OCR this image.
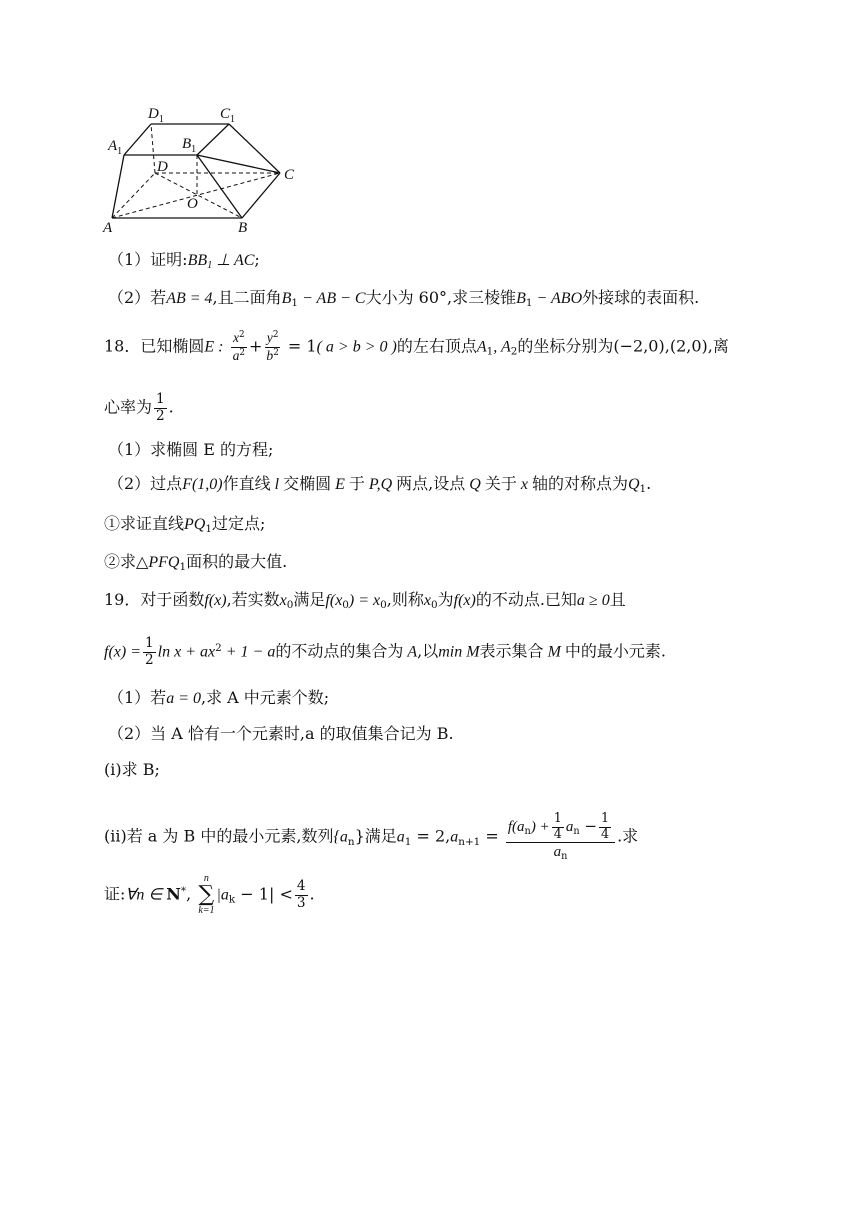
$D_1$	$C_1$
$A_1$	$B_1$
D	C
O
A	B
（1）证明$:BB_1$ ⊥ AC;
（2）若AB = 4,且二面角$B_1$ − AB − C大小为 60°,求三棱锥$B_1$ − ABO外接球的表面积.
18．已知椭圆E : $\frac{x^2}{a^2} + \frac{y^2}{b^2} = 1$( a > b > 0 )的左右顶点$A_1$, $A_2$的坐标分别为(−2,0),(2,0),离
心率为 $\frac{1}{2}$ .
（1）求椭圆 E 的方程;
（2）过点F(1,0)作直线 l 交椭圆 E 于 P,Q 两点,设点 Q 关于 x 轴的对称点为$Q_1$.
①求证直线$PQ_1$过定点;
②求$\triangle PFQ_1$面积的最大值.
19．对于函数f(x),若实数$x_0$满足$f(x_0) = x_0$,则称$x_0$为f(x)的不动点.已知a ≥ 0且
$f(x) = \frac{1}{2}$ $\ln x + ax^2 + 1 - a$的不动点的集合为 A,以min M表示集合 M 中的最小元素.
（1）若a = 0,求 A 中元素个数;
（2）当 A 恰有一个元素时,a 的取值集合记为 B.
(i)求 B;
(ii)若 a 为 B 中的最小元素,数列$\{a_n\}$满足$a_1 = 2,a_{n+1} = \frac{f(a_n) + \frac{1}{4} a_n - \frac{1}{4}}{a_n}$ .求
证:∀n ∈ N*,
n
∑
k=1
$|a_k - 1| < \frac{4}{3}$ .
